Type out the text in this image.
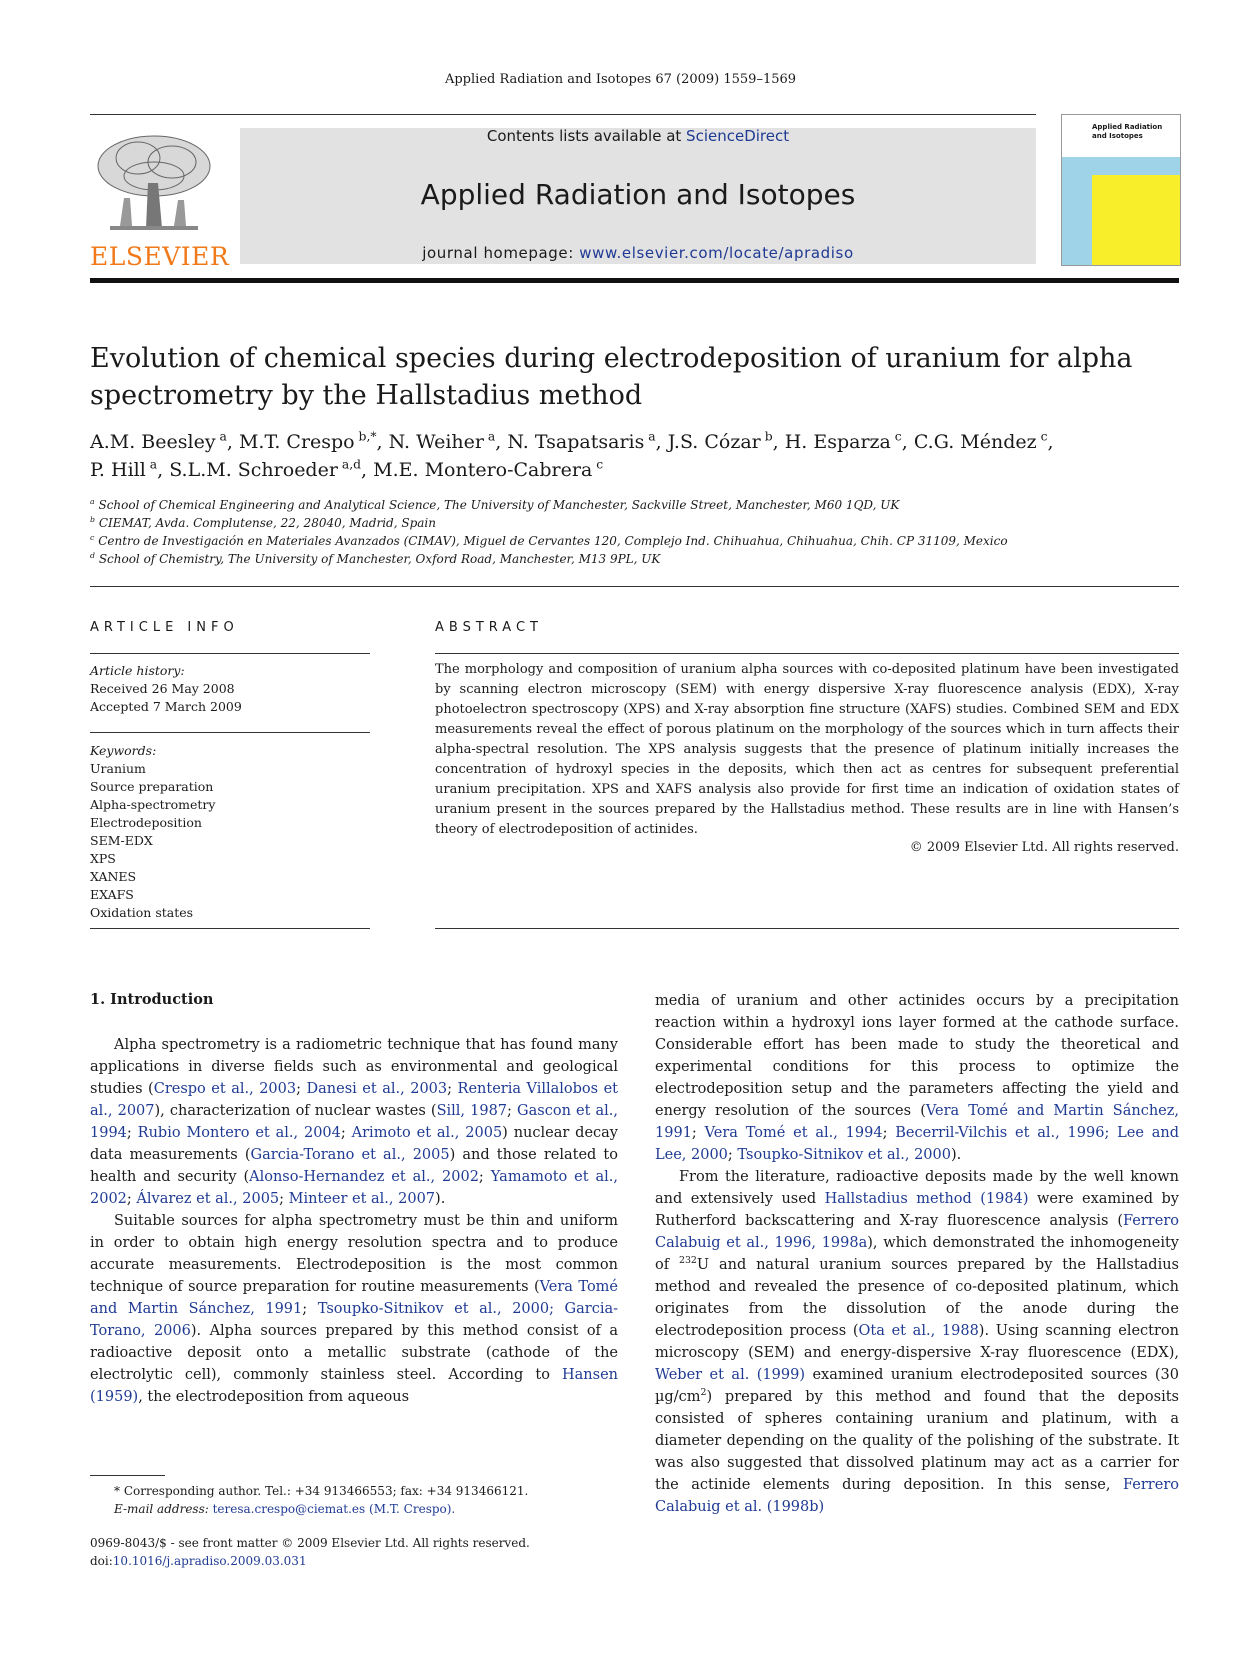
Applied Radiation and Isotopes 67 (2009) 1559–1569
ELSEVIER
Contents lists available at ScienceDirect
Applied Radiation and Isotopes
journal homepage: www.elsevier.com/locate/apradiso
Applied Radiation and Isotopes
Evolution of chemical species during electrodeposition of uranium for alpha spectrometry by the Hallstadius method
A.M. Beesley $^a$, M.T. Crespo $^{b,*}$, N. Weiher $^a$, N. Tsapatsaris $^a$, J.S. Cózar $^b$, H. Esparza $^c$, C.G. Méndez $^c$,
P. Hill $^a$, S.L.M. Schroeder $^{a,d}$, M.E. Montero-Cabrera $^c$
$^a$ School of Chemical Engineering and Analytical Science, The University of Manchester, Sackville Street, Manchester, M60 1QD, UK
$^b$ CIEMAT, Avda. Complutense, 22, 28040, Madrid, Spain
$^c$ Centro de Investigación en Materiales Avanzados (CIMAV), Miguel de Cervantes 120, Complejo Ind. Chihuahua, Chihuahua, Chih. CP 31109, Mexico
$^d$ School of Chemistry, The University of Manchester, Oxford Road, Manchester, M13 9PL, UK
ARTICLE INFO
Article history:
Received 26 May 2008
Accepted 7 March 2009
Keywords:
Uranium
Source preparation
Alpha-spectrometry
Electrodeposition
SEM-EDX
XPS
XANES
EXAFS
Oxidation states
ABSTRACT
The morphology and composition of uranium alpha sources with co-deposited platinum have been investigated by scanning electron microscopy (SEM) with energy dispersive X-ray fluorescence analysis (EDX), X-ray photoelectron spectroscopy (XPS) and X-ray absorption fine structure (XAFS) studies. Combined SEM and EDX measurements reveal the effect of porous platinum on the morphology of the sources which in turn affects their alpha-spectral resolution. The XPS analysis suggests that the presence of platinum initially increases the concentration of hydroxyl species in the deposits, which then act as centres for subsequent preferential uranium precipitation. XPS and XAFS analysis also provide for first time an indication of oxidation states of uranium present in the sources prepared by the Hallstadius method. These results are in line with Hansen’s theory of electrodeposition of actinides.
© 2009 Elsevier Ltd. All rights reserved.
1. Introduction

Alpha spectrometry is a radiometric technique that has found many applications in diverse fields such as environmental and geological studies (Crespo et al., 2003; Danesi et al., 2003; Renteria Villalobos et al., 2007), characterization of nuclear wastes (Sill, 1987; Gascon et al., 1994; Rubio Montero et al., 2004; Arimoto et al., 2005) nuclear decay data measurements (Garcia-Torano et al., 2005) and those related to health and security (Alonso-Hernandez et al., 2002; Yamamoto et al., 2002; Álvarez et al., 2005; Minteer et al., 2007).

Suitable sources for alpha spectrometry must be thin and uniform in order to obtain high energy resolution spectra and to produce accurate measurements. Electrodeposition is the most common technique of source preparation for routine measurements (Vera Tomé and Martin Sánchez, 1991; Tsoupko-Sitnikov et al., 2000; Garcia-Torano, 2006). Alpha sources prepared by this method consist of a radioactive deposit onto a metallic substrate (cathode of the electrolytic cell), commonly stainless steel. According to Hansen (1959), the electrodeposition from aqueous

media of uranium and other actinides occurs by a precipitation reaction within a hydroxyl ions layer formed at the cathode surface. Considerable effort has been made to study the theoretical and experimental conditions for this process to optimize the electrodeposition setup and the parameters affecting the yield and energy resolution of the sources (Vera Tomé and Martin Sánchez, 1991; Vera Tomé et al., 1994; Becerril-Vilchis et al., 1996; Lee and Lee, 2000; Tsoupko-Sitnikov et al., 2000).

From the literature, radioactive deposits made by the well known and extensively used Hallstadius method (1984) were examined by Rutherford backscattering and X-ray fluorescence analysis (Ferrero Calabuig et al., 1996, 1998a), which demonstrated the inhomogeneity of $^{232}$U and natural uranium sources prepared by the Hallstadius method and revealed the presence of co-deposited platinum, which originates from the dissolution of the anode during the electrodeposition process (Ota et al., 1988). Using scanning electron microscopy (SEM) and energy-dispersive X-ray fluorescence (EDX), Weber et al. (1999) examined uranium electrodeposited sources (30 $\mu g/cm^2$) prepared by this method and found that the deposits consisted of spheres containing uranium and platinum, with a diameter depending on the quality of the polishing of the substrate. It was also suggested that dissolved platinum may act as a carrier for the actinide elements during deposition. In this sense, Ferrero Calabuig et al. (1998b)

* Corresponding author. Tel.: +34 913466553; fax: +34 913466121.
E-mail address: teresa.crespo@ciemat.es (M.T. Crespo).
0969-8043/$ - see front matter © 2009 Elsevier Ltd. All rights reserved.
doi:10.1016/j.apradiso.2009.03.031
